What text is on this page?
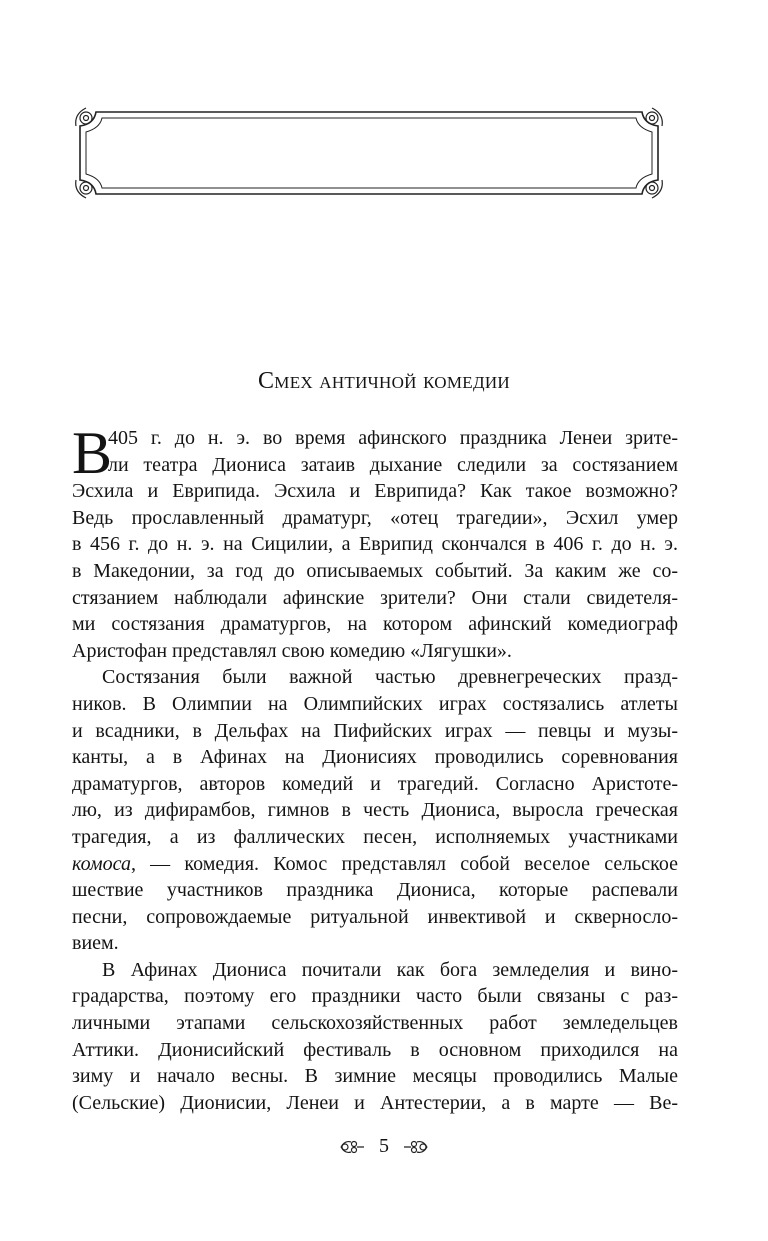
Смех античной комедии
В
405 г. до н. э. во время афинского праздника Ленеи зрите-
ли театра Диониса затаив дыхание следили за состязанием
Эсхила и Еврипида. Эсхила и Еврипида? Как такое возможно?
Ведь прославленный драматург, «отец трагедии», Эсхил умер
в 456 г. до н. э. на Сицилии, а Еврипид скончался в 406 г. до н. э.
в Македонии, за год до описываемых событий. За каким же со-
стязанием наблюдали афинские зрители? Они стали свидетеля-
ми состязания драматургов, на котором афинский комедиограф
Аристофан представлял свою комедию «Лягушки».
Состязания были важной частью древнегреческих празд-
ников. В Олимпии на Олимпийских играх состязались атлеты
и всадники, в Дельфах на Пифийских играх — певцы и музы-
канты, а в Афинах на Дионисиях проводились соревнования
драматургов, авторов комедий и трагедий. Согласно Аристоте-
лю, из дифирамбов, гимнов в честь Диониса, выросла греческая
трагедия, а из фаллических песен, исполняемых участниками
комоса, — комедия. Комос представлял собой веселое сельское
шествие участников праздника Диониса, которые распевали
песни, сопровождаемые ритуальной инвективой и скверносло-
вием.
В Афинах Диониса почитали как бога земледелия и вино-
градарства, поэтому его праздники часто были связаны с раз-
личными этапами сельскохозяйственных работ земледельцев
Аттики. Дионисийский фестиваль в основном приходился на
зиму и начало весны. В зимние месяцы проводились Малые
(Сельские) Дионисии, Ленеи и Антестерии, а в марте — Ве-
5
